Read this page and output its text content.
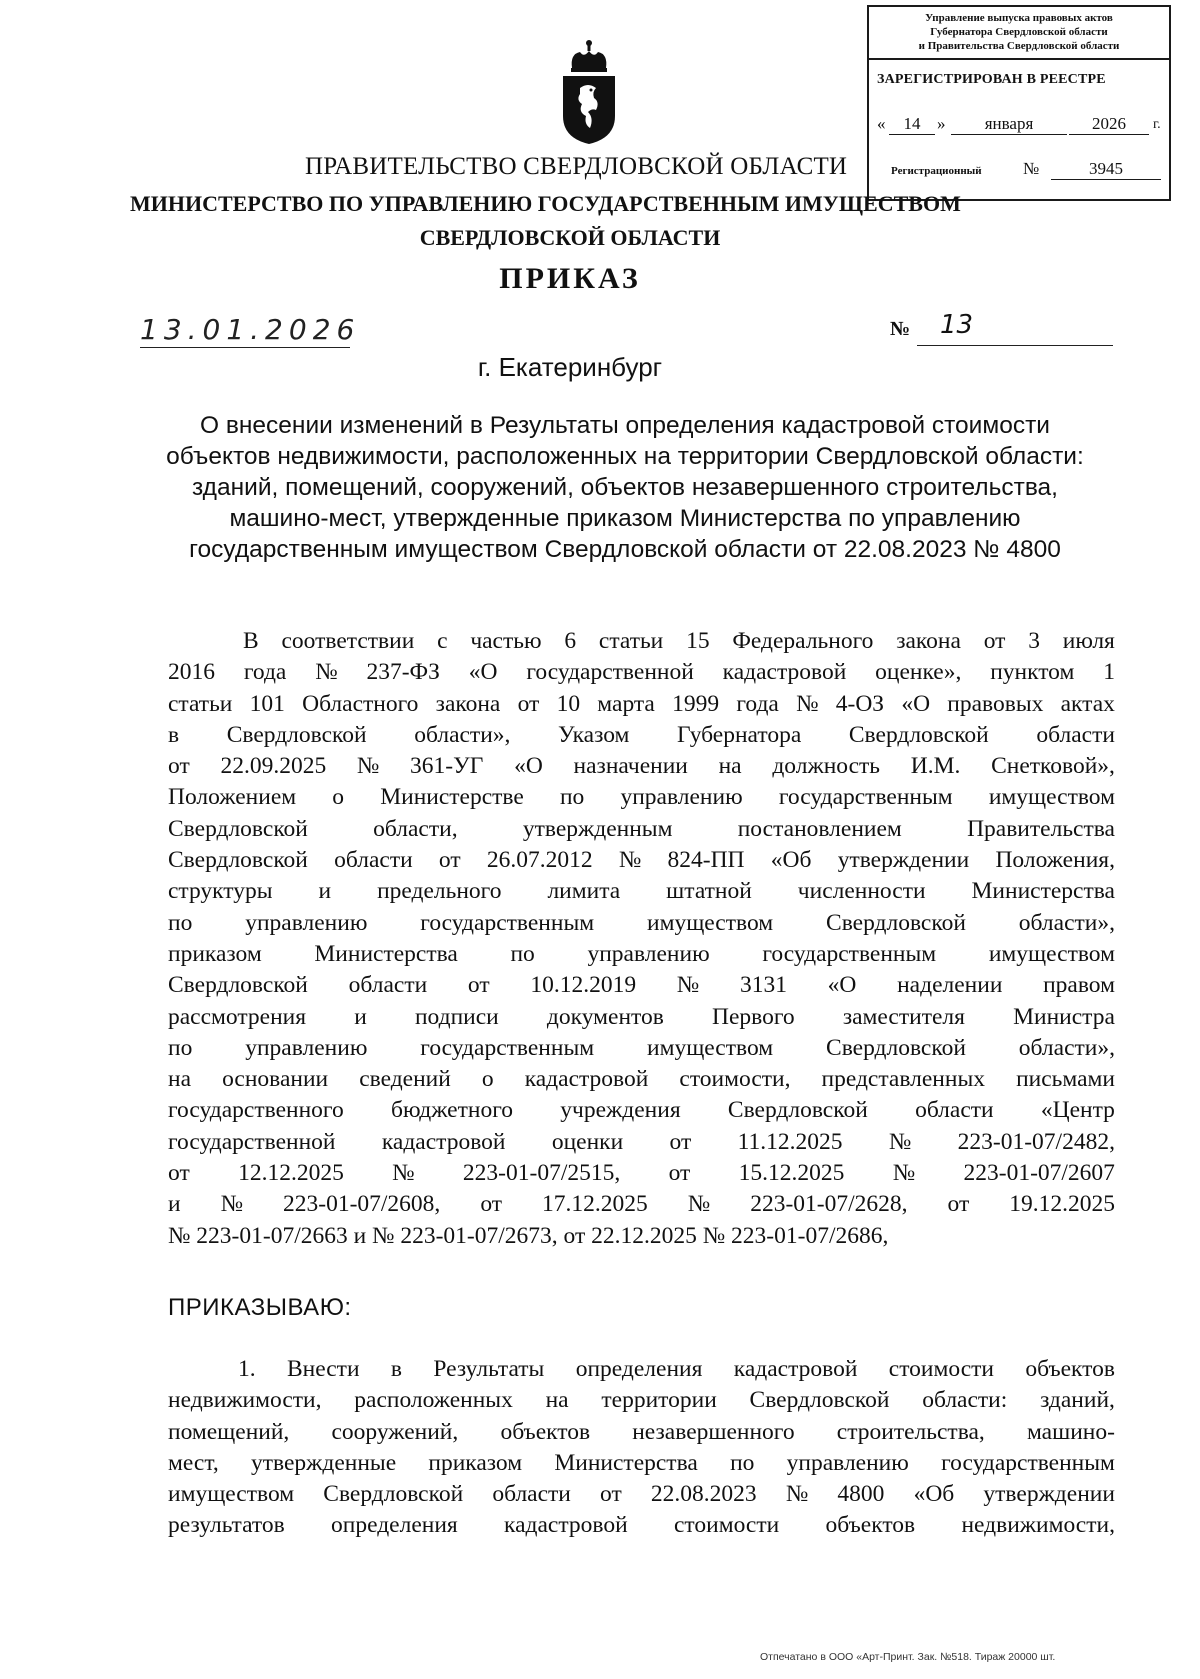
Управление выпуска правовых актов
Губернатора Свердловской области
и Правительства Свердловской области
ЗАРЕГИСТРИРОВАН В РЕЕСТРЕ
«	14 »	января	2026	г.
Регистрационный №	3945
ПРАВИТЕЛЬСТВО СВЕРДЛОВСКОЙ ОБЛАСТИ
МИНИСТЕРСТВО ПО УПРАВЛЕНИЮ ГОСУДАРСТВЕННЫМ ИМУЩЕСТВОМ
СВЕРДЛОВСКОЙ ОБЛАСТИ
ПРИКАЗ
13.01.2026	№ 13
г. Екатеринбург
О внесении изменений в Результаты определения кадастровой стоимости
объектов недвижимости, расположенных на территории Свердловской области:
зданий, помещений, сооружений, объектов незавершенного строительства,
машино-мест, утвержденные приказом Министерства по управлению
государственным имуществом Свердловской области от 22.08.2023 № 4800
В соответствии с частью 6 статьи 15 Федерального закона от 3 июля
2016 года № 237-ФЗ «О государственной кадастровой оценке», пунктом 1
статьи 101 Областного закона от 10 марта 1999 года № 4-ОЗ «О правовых актах
в Свердловской области», Указом Губернатора Свердловской области
от 22.09.2025 № 361-УГ «О назначении на должность И.М. Снетковой»,
Положением о Министерстве по управлению государственным имуществом
Свердловской	области,	утвержденным	постановлением	Правительства
Свердловской области от 26.07.2012 № 824-ПП «Об утверждении Положения,
структуры и предельного лимита штатной численности Министерства
по управлению государственным имуществом Свердловской области»,
приказом Министерства по управлению государственным имуществом
Свердловской области от 10.12.2019 № 3131 «О наделении правом
рассмотрения и подписи документов Первого заместителя Министра
по управлению государственным имуществом Свердловской области»,
на основании сведений о кадастровой стоимости, представленных письмами
государственного бюджетного учреждения Свердловской области «Центр
государственной кадастровой оценки от 11.12.2025 № 223-01-07/2482,
от 12.12.2025 № 223-01-07/2515, от 15.12.2025 № 223-01-07/2607
и № 223-01-07/2608, от 17.12.2025 № 223-01-07/2628, от 19.12.2025
№ 223-01-07/2663 и № 223-01-07/2673, от 22.12.2025 № 223-01-07/2686,
ПРИКАЗЫВАЮ:
1. Внести в Результаты определения кадастровой стоимости объектов
недвижимости, расположенных на территории Свердловской области: зданий,
помещений, сооружений, объектов незавершенного строительства, машино-
мест, утвержденные приказом Министерства по управлению государственным
имуществом Свердловской области от 22.08.2023 № 4800 «Об утверждении
результатов определения кадастровой стоимости объектов недвижимости,
Отпечатано в ООО «Арт-Принт. Зак. №518. Тираж 20000 шт.
